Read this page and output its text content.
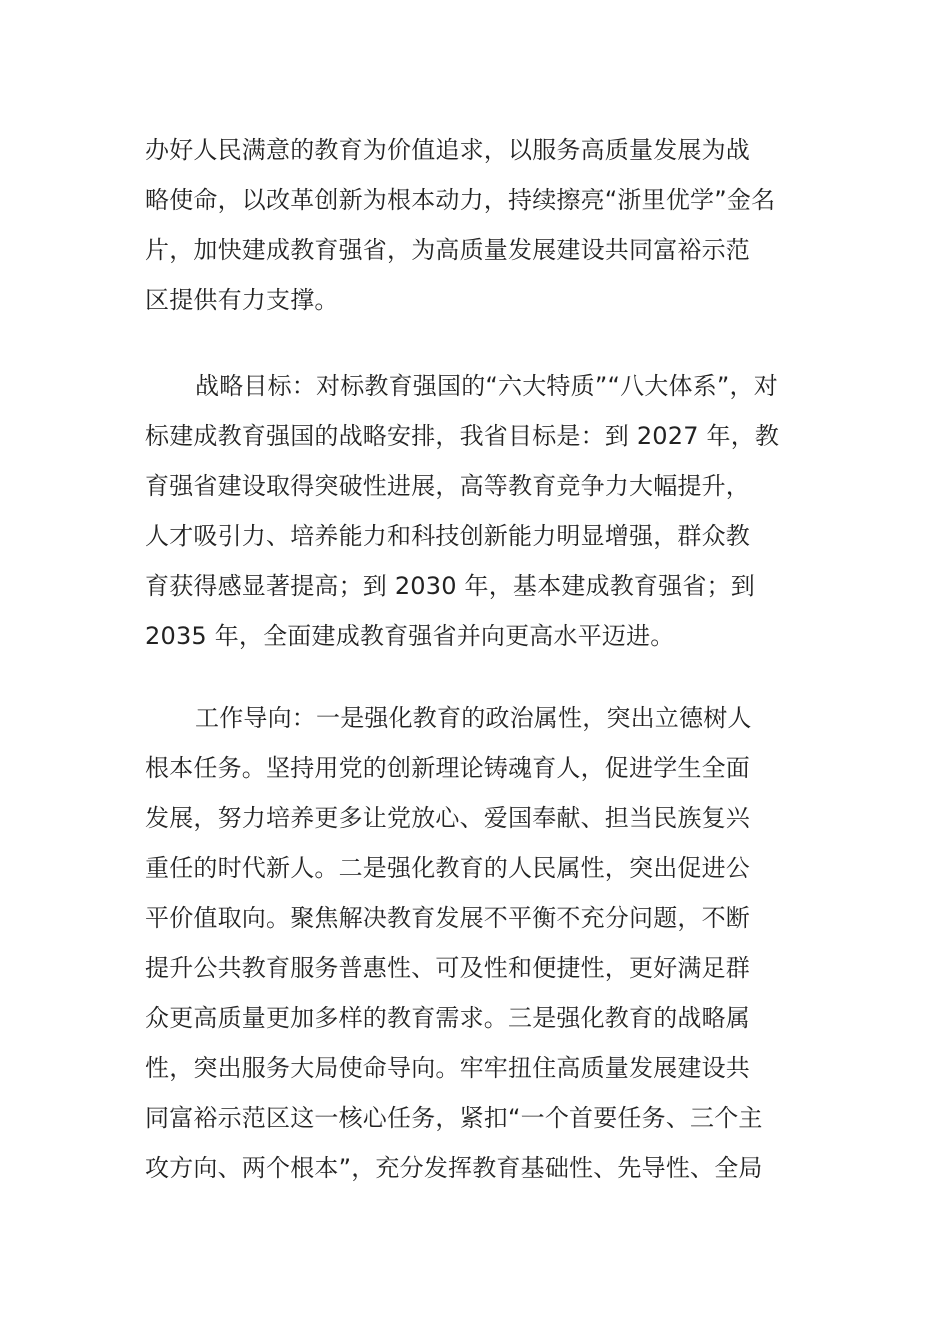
办好人民满意的教育为价值追求，以服务高质量发展为战
略使命，以改革创新为根本动力，持续擦亮“浙里优学”金名
片，加快建成教育强省，为高质量发展建设共同富裕示范
区提供有力支撑。
战略目标：对标教育强国的“六大特质”“八大体系”，对
标建成教育强国的战略安排，我省目标是：到 2027 年，教
育强省建设取得突破性进展，高等教育竞争力大幅提升，
人才吸引力、培养能力和科技创新能力明显增强，群众教
育获得感显著提高；到 2030 年，基本建成教育强省；到
2035 年，全面建成教育强省并向更高水平迈进。
工作导向：一是强化教育的政治属性，突出立德树人
根本任务。坚持用党的创新理论铸魂育人，促进学生全面
发展，努力培养更多让党放心、爱国奉献、担当民族复兴
重任的时代新人。二是强化教育的人民属性，突出促进公
平价值取向。聚焦解决教育发展不平衡不充分问题，不断
提升公共教育服务普惠性、可及性和便捷性，更好满足群
众更高质量更加多样的教育需求。三是强化教育的战略属
性，突出服务大局使命导向。牢牢扭住高质量发展建设共
同富裕示范区这一核心任务，紧扣“一个首要任务、三个主
攻方向、两个根本”，充分发挥教育基础性、先导性、全局
